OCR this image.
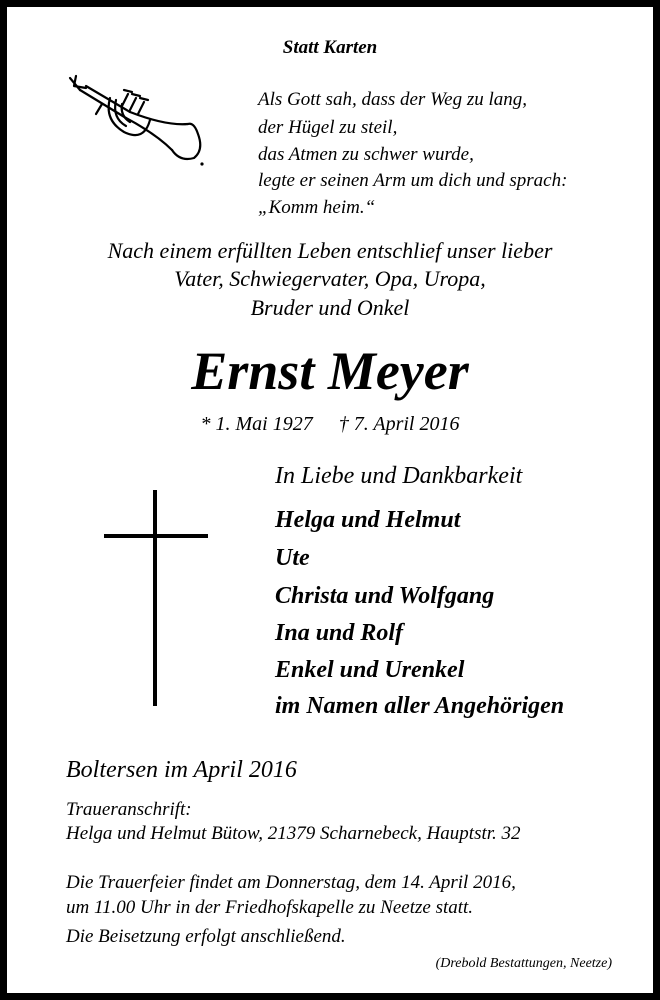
Statt Karten
Als Gott sah, dass der Weg zu lang,
der Hügel zu steil,
das Atmen zu schwer wurde,
legte er seinen Arm um dich und sprach:
„Komm heim.“
Nach einem erfüllten Leben entschlief unser lieber
Vater, Schwiegervater, Opa, Uropa,
Bruder und Onkel
Ernst Meyer
* 1. Mai 1927 † 7. April 2016
In Liebe und Dankbarkeit
Helga und Helmut
Ute
Christa und Wolfgang
Ina und Rolf
Enkel und Urenkel
im Namen aller Angehörigen
Boltersen im April 2016
Traueranschrift:
Helga und Helmut Bütow, 21379 Scharnebeck, Hauptstr. 32
Die Trauerfeier findet am Donnerstag, dem 14. April 2016,
um 11.00 Uhr in der Friedhofskapelle zu Neetze statt.
Die Beisetzung erfolgt anschließend.
(Drebold Bestattungen, Neetze)
